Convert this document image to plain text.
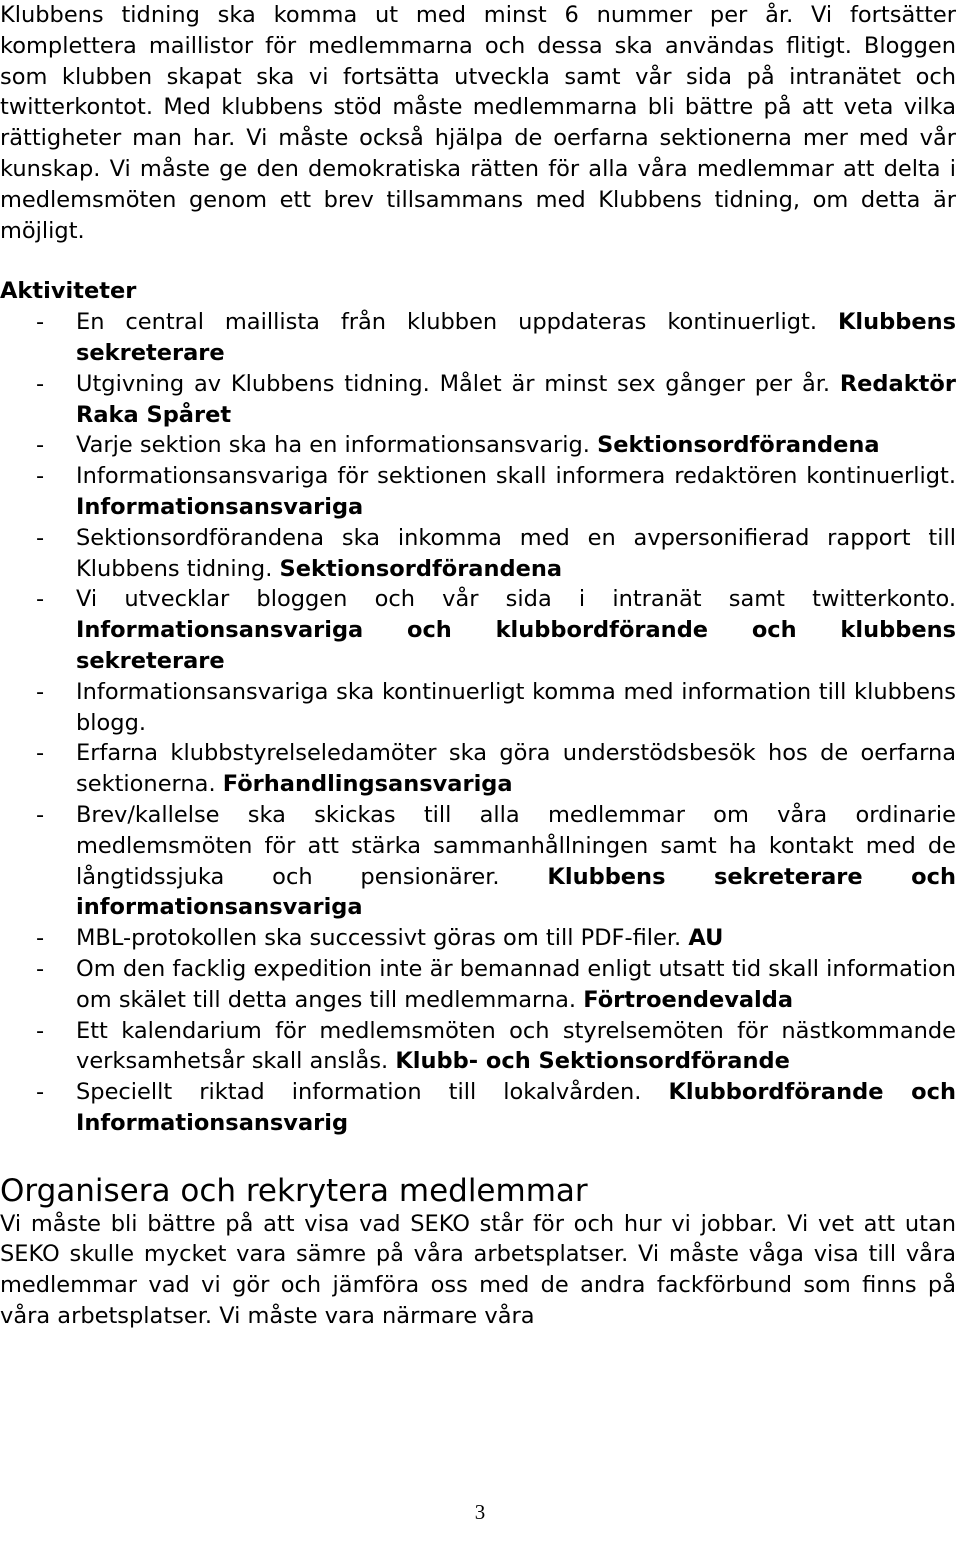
Klubbens tidning ska komma ut med minst 6 nummer per år. Vi fortsätter komplettera maillistor för medlemmarna och dessa ska användas flitigt. Bloggen som klubben skapat ska vi fortsätta utveckla samt vår sida på intranätet och twitterkontot. Med klubbens stöd måste medlemmarna bli bättre på att veta vilka rättigheter man har. Vi måste också hjälpa de oerfarna sektionerna mer med vår kunskap. Vi måste ge den demokratiska rätten för alla våra medlemmar att delta i medlemsmöten genom ett brev tillsammans med Klubbens tidning, om detta är möjligt.

Aktiviteter
- En central maillista från klubben uppdateras kontinuerligt. Klubbens sekreterare
- Utgivning av Klubbens tidning. Målet är minst sex gånger per år. Redaktör Raka Spåret
- Varje sektion ska ha en informationsansvarig. Sektionsordförandena
- Informationsansvariga för sektionen skall informera redaktören kontinuerligt. Informationsansvariga
- Sektionsordförandena ska inkomma med en avpersonifierad rapport till Klubbens tidning. Sektionsordförandena
- Vi utvecklar bloggen och vår sida i intranät samt twitterkonto. Informationsansvariga och klubbordförande och klubbens sekreterare
- Informationsansvariga ska kontinuerligt komma med information till klubbens blogg.
- Erfarna klubbstyrelseledamöter ska göra understödsbesök hos de oerfarna sektionerna. Förhandlingsansvariga
- Brev/kallelse ska skickas till alla medlemmar om våra ordinarie medlemsmöten för att stärka sammanhållningen samt ha kontakt med de långtidssjuka och pensionärer. Klubbens sekreterare och informationsansvariga
- MBL-protokollen ska successivt göras om till PDF-filer. AU
- Om den facklig expedition inte är bemannad enligt utsatt tid skall information om skälet till detta anges till medlemmarna. Förtroendevalda
- Ett kalendarium för medlemsmöten och styrelsemöten för nästkommande verksamhetsår skall anslås. Klubb- och Sektionsordförande
- Speciellt riktad information till lokalvården. Klubbordförande och Informationsansvarig
Organisera och rekrytera medlemmar

Vi måste bli bättre på att visa vad SEKO står för och hur vi jobbar. Vi vet att utan SEKO skulle mycket vara sämre på våra arbetsplatser. Vi måste våga visa till våra medlemmar vad vi gör och jämföra oss med de andra fackförbund som finns på våra arbetsplatser. Vi måste vara närmare våra

3
